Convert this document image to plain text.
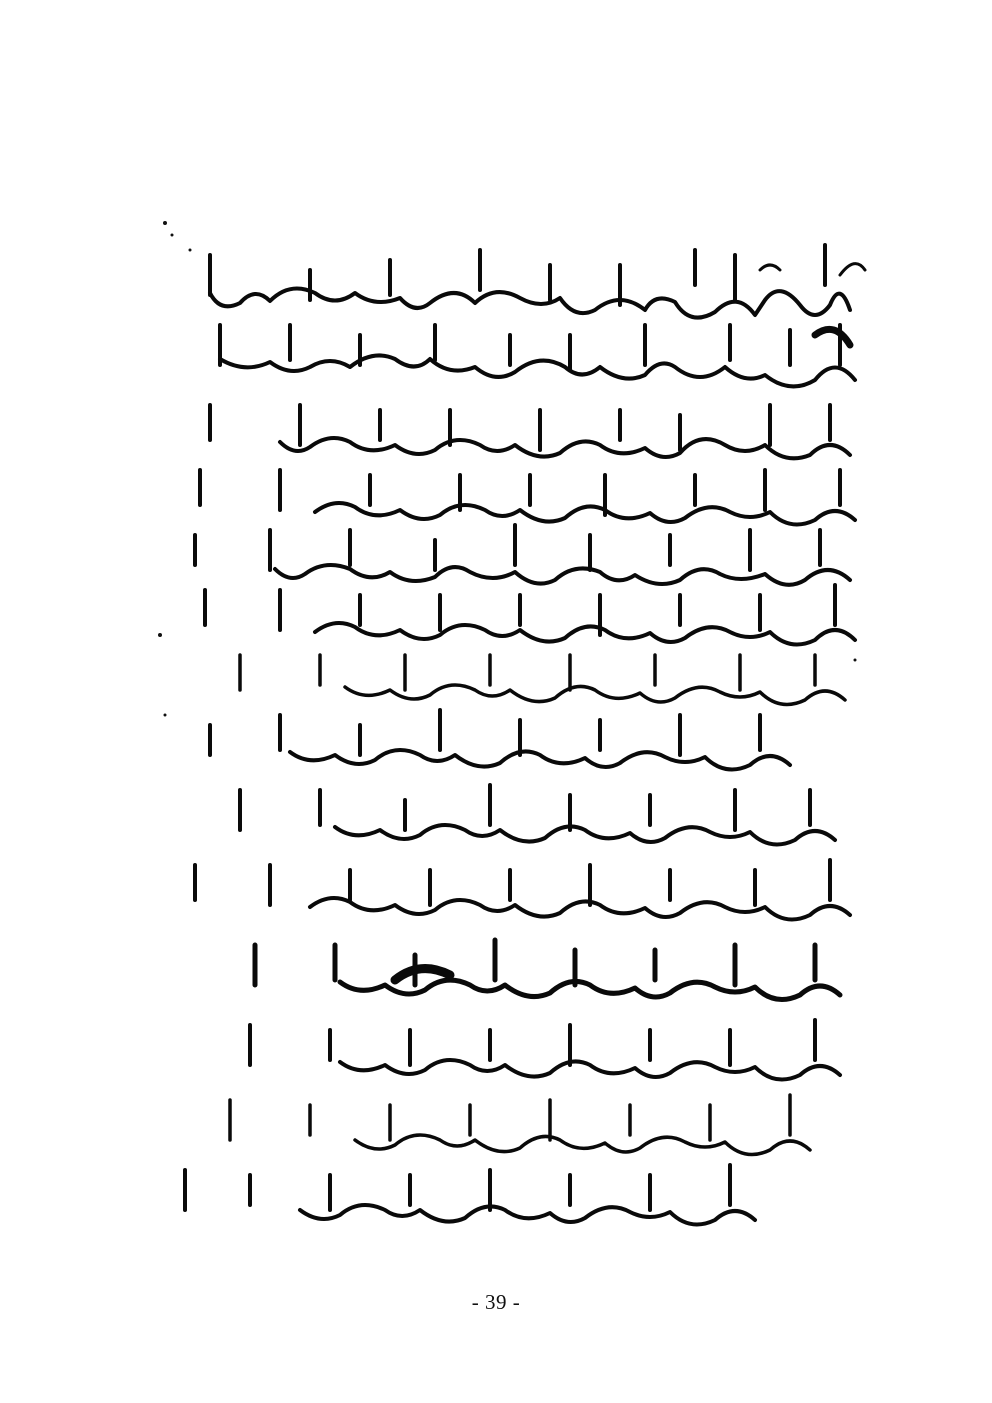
- 39 -
